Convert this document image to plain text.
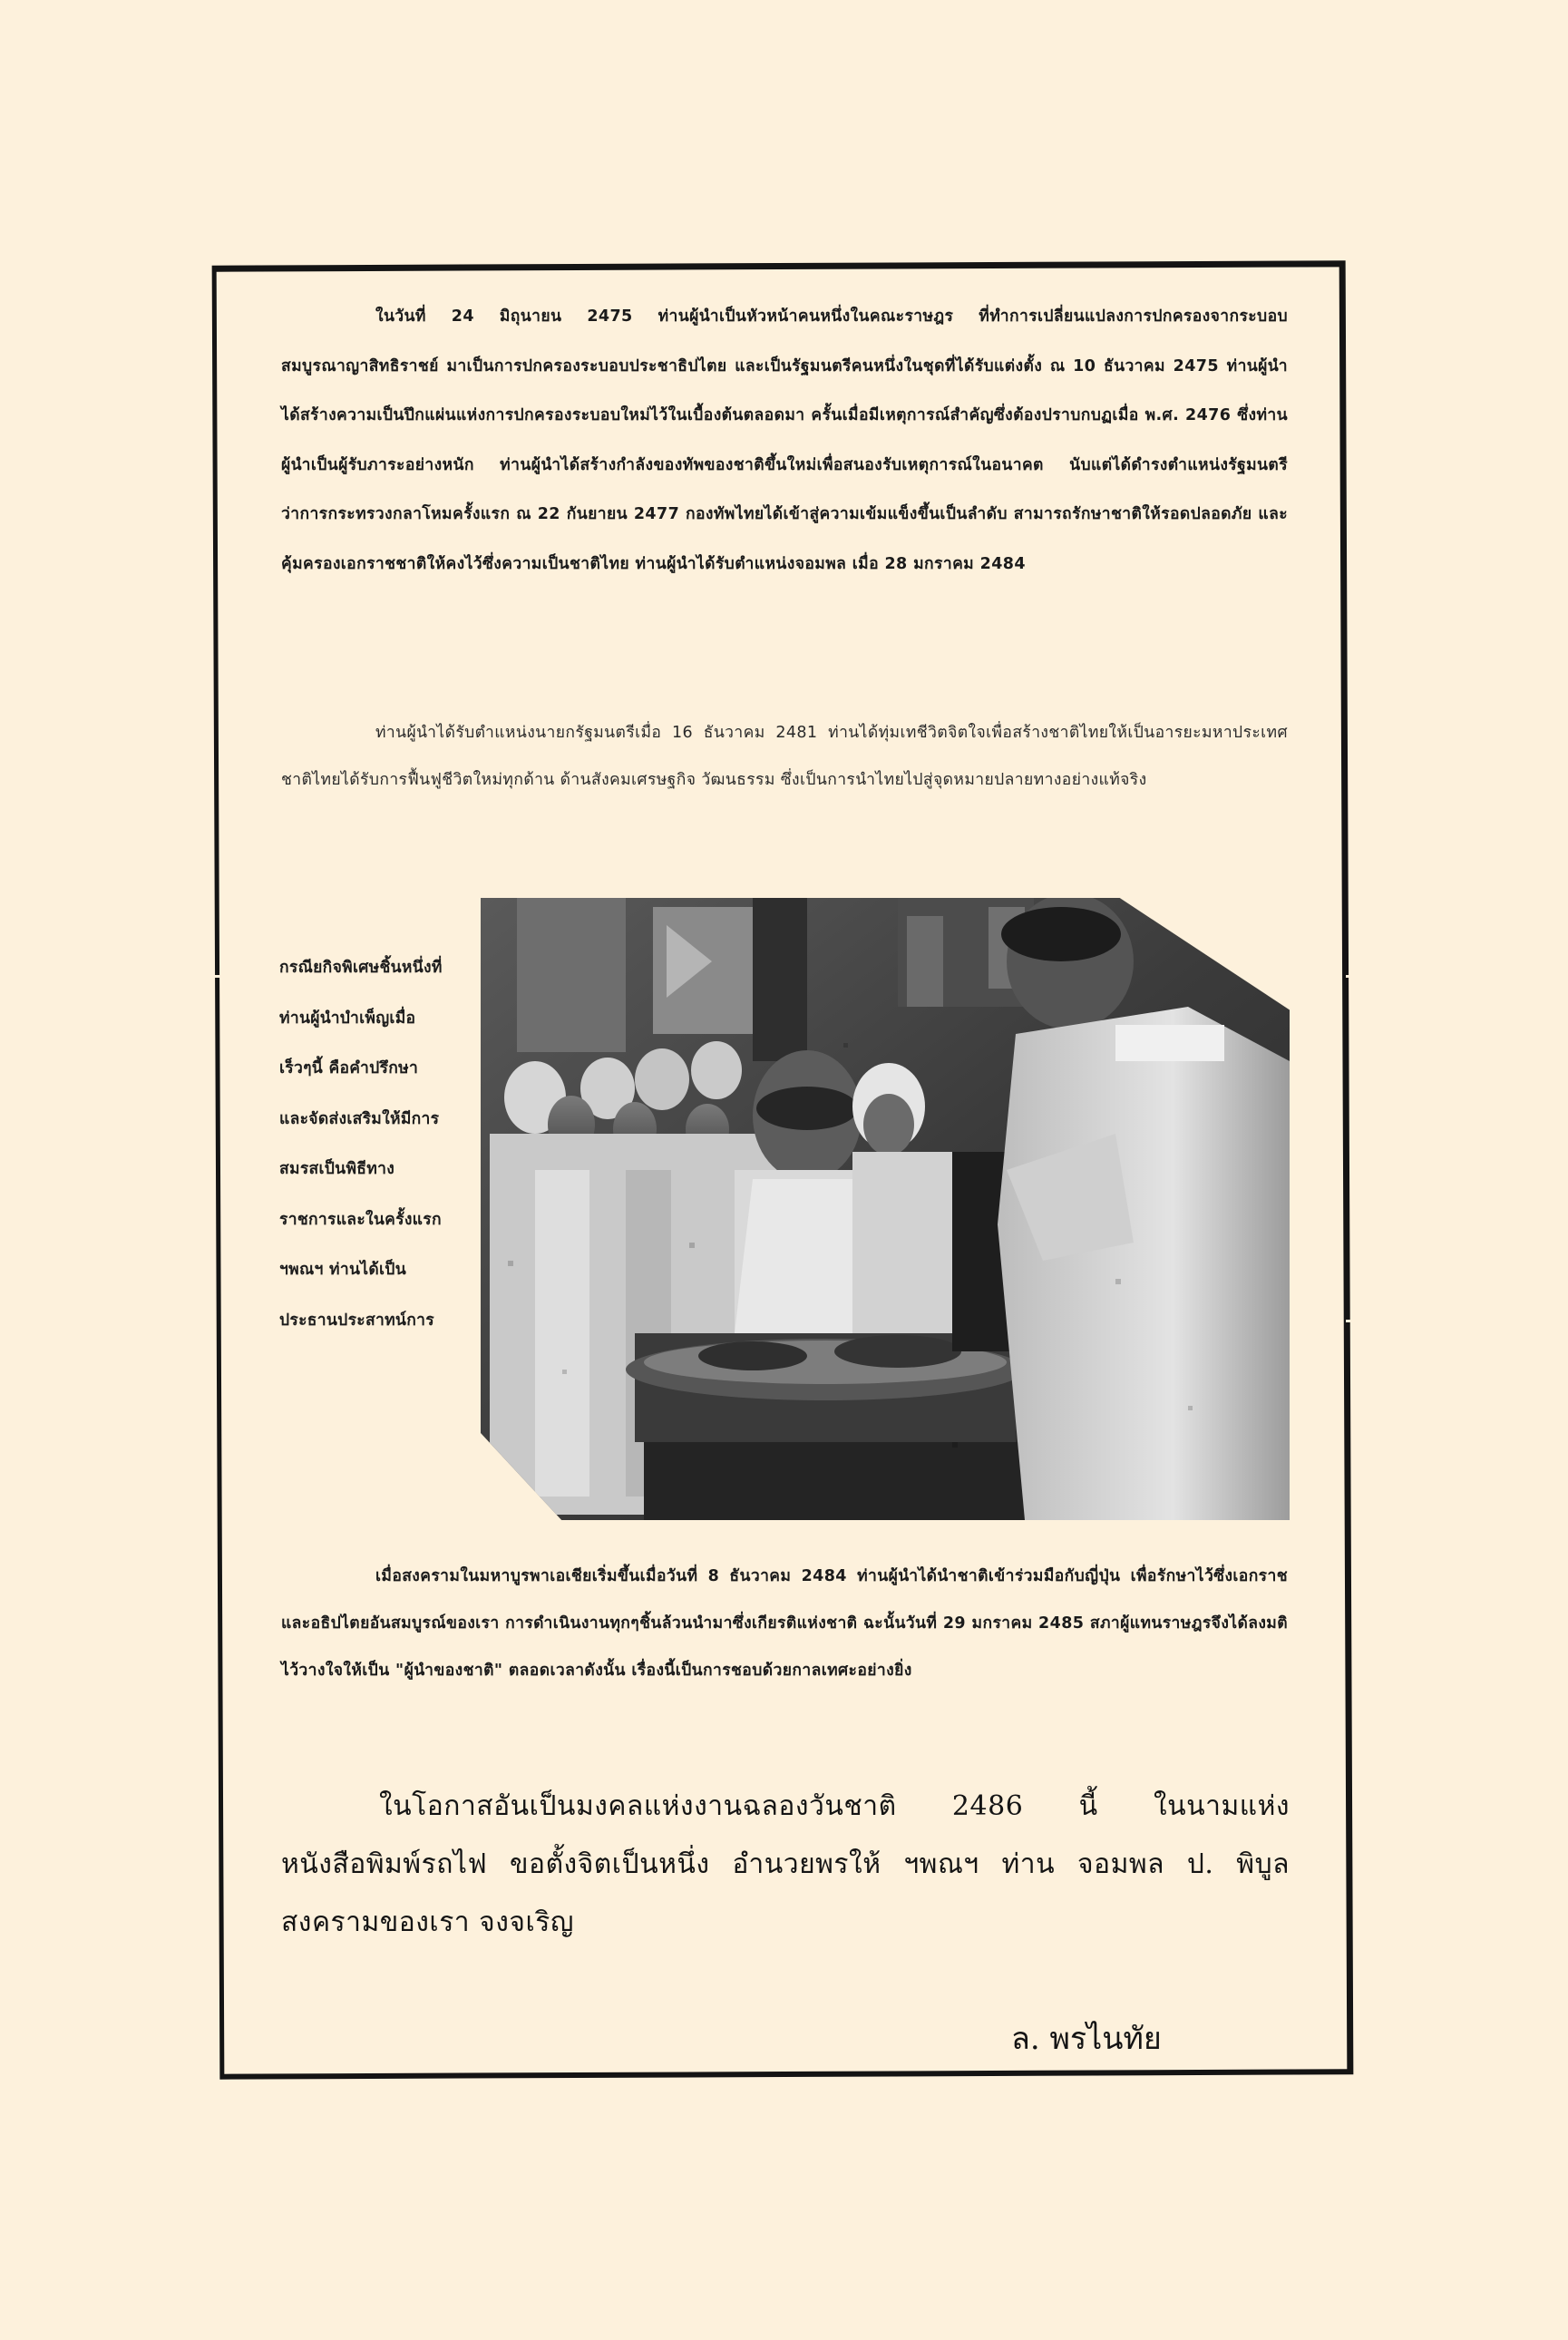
ในวันที่ 24 มิถุนายน 2475 ท่านผู้นำเป็นหัวหน้าคนหนึ่งในคณะราษฎร ที่ทำการเปลี่ยนแปลงการปกครองจากระบอบสมบูรณาญาสิทธิราชย์ มาเป็นการปกครองระบอบประชาธิปไตย และเป็นรัฐมนตรีคนหนึ่งในชุดที่ได้รับแต่งตั้ง ณ 10 ธันวาคม 2475 ท่านผู้นำได้สร้างความเป็นปึกแผ่นแห่งการปกครองระบอบใหม่ไว้ในเบื้องต้นตลอดมา ครั้นเมื่อมีเหตุการณ์สำคัญซึ่งต้องปราบกบฏเมื่อ พ.ศ. 2476 ซึ่งท่านผู้นำเป็นผู้รับภาระอย่างหนัก ท่านผู้นำได้สร้างกำลังของทัพของชาติขึ้นใหม่เพื่อสนองรับเหตุการณ์ในอนาคต นับแต่ได้ดำรงตำแหน่งรัฐมนตรีว่าการกระทรวงกลาโหมครั้งแรก ณ 22 กันยายน 2477 กองทัพไทยได้เข้าสู่ความเข้มแข็งขึ้นเป็นลำดับ สามารถรักษาชาติให้รอดปลอดภัย และคุ้มครองเอกราชชาติให้คงไว้ซึ่งความเป็นชาติไทย ท่านผู้นำได้รับตำแหน่งจอมพล เมื่อ 28 มกราคม 2484

ท่านผู้นำได้รับตำแหน่งนายกรัฐมนตรีเมื่อ 16 ธันวาคม 2481 ท่านได้ทุ่มเทชีวิตจิตใจเพื่อสร้างชาติไทยให้เป็นอารยะมหาประเทศ ชาติไทยได้รับการฟื้นฟูชีวิตใหม่ทุกด้าน ด้านสังคมเศรษฐกิจ วัฒนธรรม ซึ่งเป็นการนำไทยไปสู่จุดหมายปลายทางอย่างแท้จริง

กรณียกิจพิเศษชิ้นหนึ่งที่ท่านผู้นำบำเพ็ญเมื่อเร็วๆนี้ คือคำปรึกษาและจัดส่งเสริมให้มีการสมรสเป็นพิธีทางราชการและในครั้งแรก ฯพณฯ ท่านได้เป็นประธานประสาทน์การ

เมื่อสงครามในมหาบูรพาเอเชียเริ่มขึ้นเมื่อวันที่ 8 ธันวาคม 2484 ท่านผู้นำได้นำชาติเข้าร่วมมือกับญี่ปุ่น เพื่อรักษาไว้ซึ่งเอกราชและอธิปไตยอันสมบูรณ์ของเรา การดำเนินงานทุกๆชิ้นล้วนนำมาซึ่งเกียรติแห่งชาติ ฉะนั้นวันที่ 29 มกราคม 2485 สภาผู้แทนราษฎรจึงได้ลงมติไว้วางใจให้เป็น "ผู้นำของชาติ" ตลอดเวลาดังนั้น เรื่องนี้เป็นการชอบด้วยกาลเทศะอย่างยิ่ง

ในโอกาสอันเป็นมงคลแห่งงานฉลองวันชาติ 2486 นี้ ในนามแห่งหนังสือพิมพ์รถไฟ ขอตั้งจิตเป็นหนึ่ง อำนวยพรให้ ฯพณฯ ท่าน จอมพล ป. พิบูลสงครามของเรา จงจเริญ

ล. พรไนทัย
